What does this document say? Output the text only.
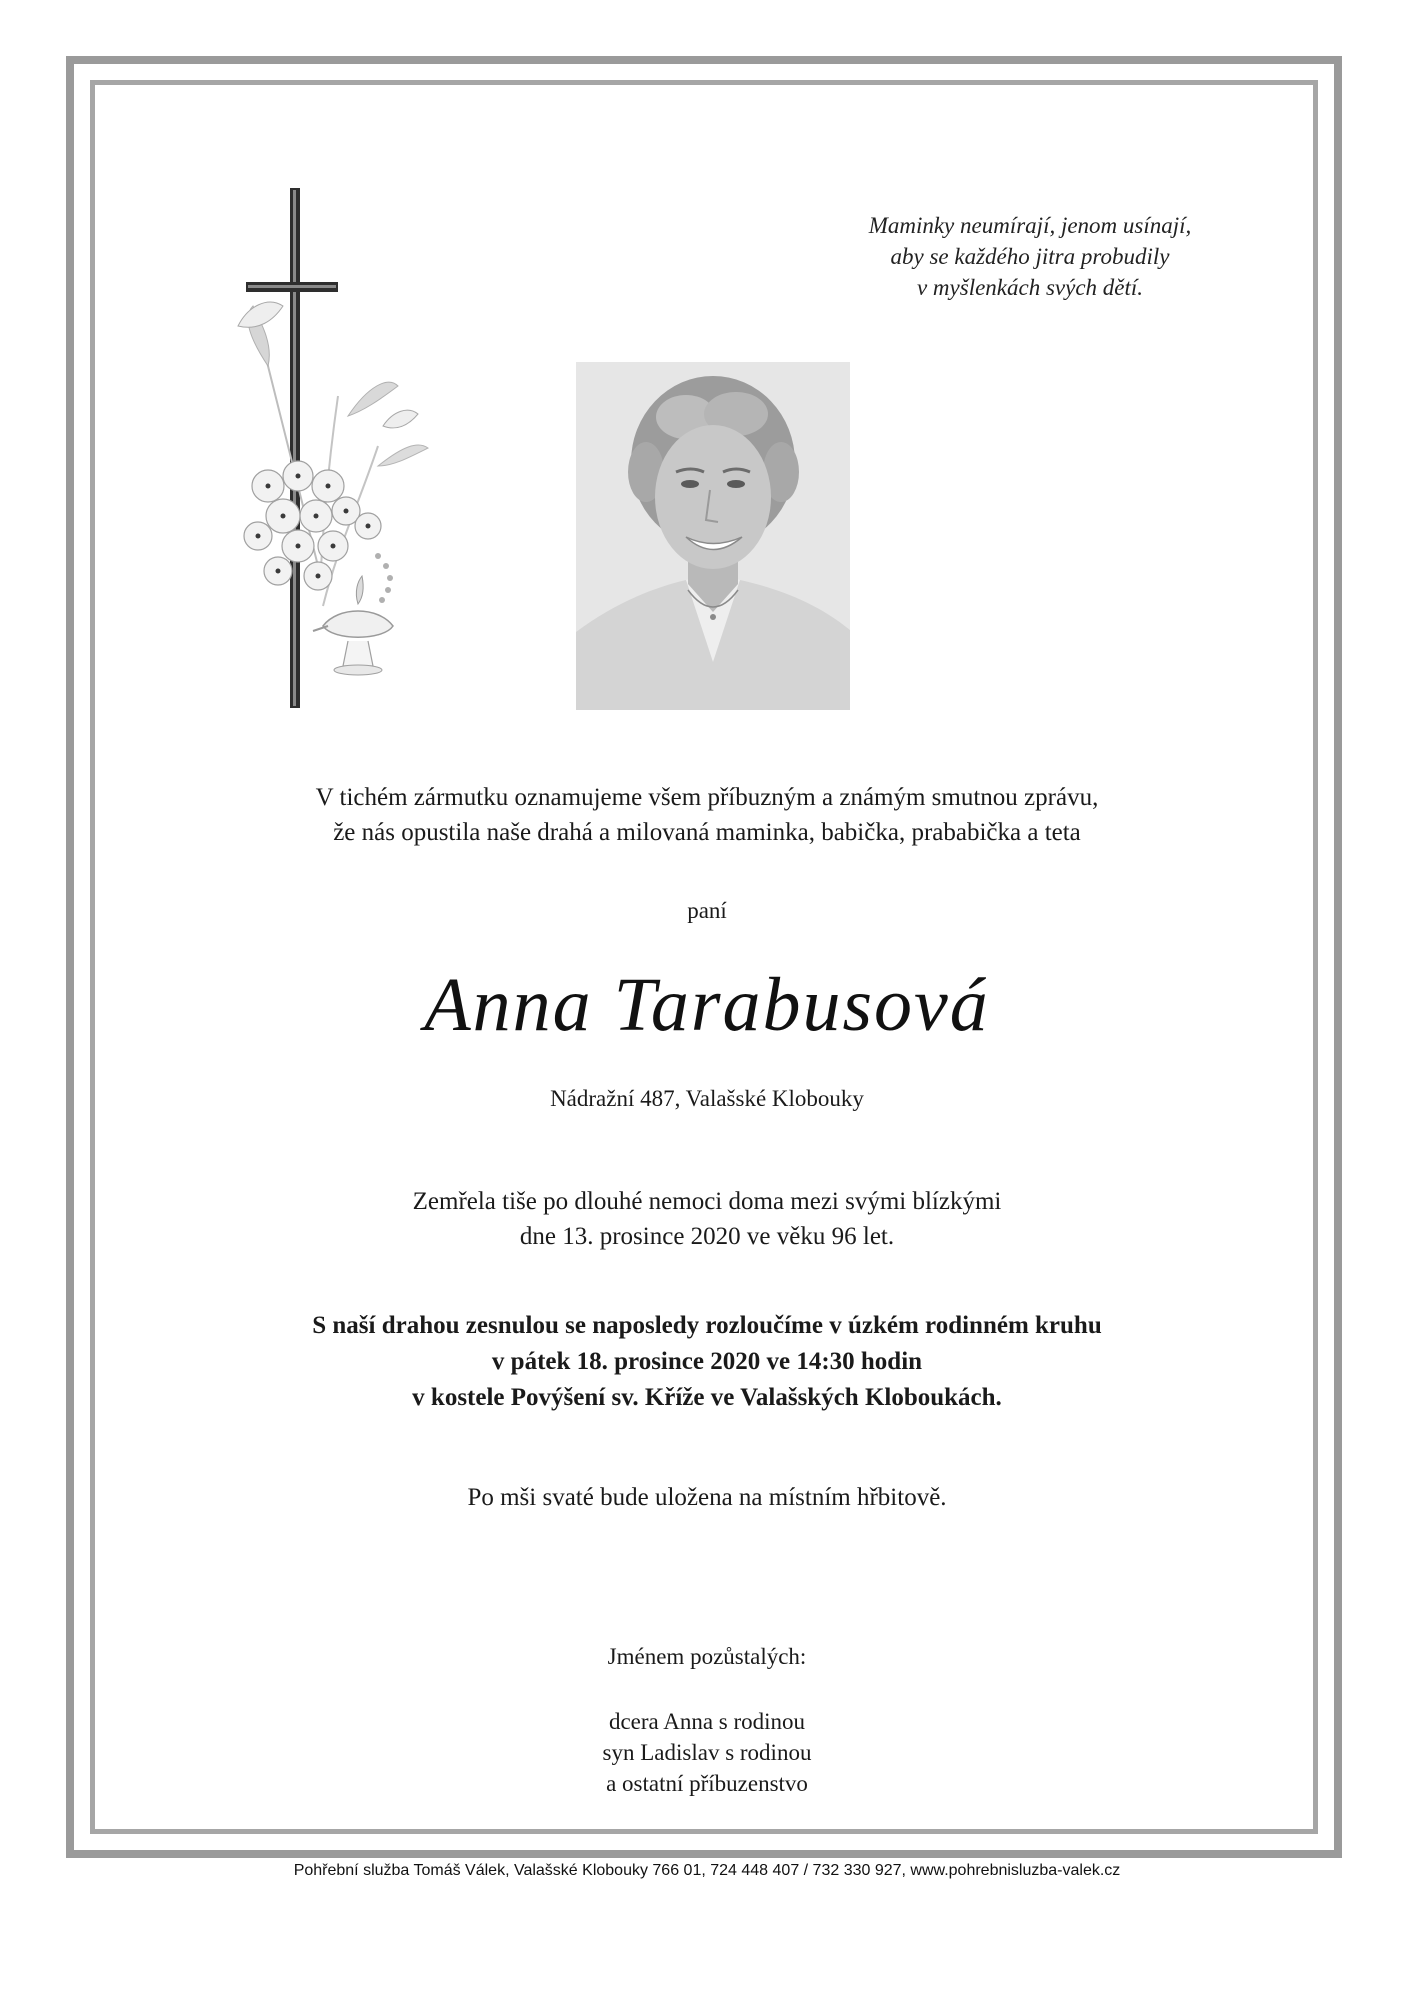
Maminky neumírají, jenom usínají,
aby se každého jitra probudily
v myšlenkách svých dětí.
V tichém zármutku oznamujeme všem příbuzným a známým smutnou zprávu,
že nás opustila naše drahá a milovaná maminka, babička, prababička a teta
paní
Anna Tarabusová
Nádražní 487, Valašské Klobouky
Zemřela tiše po dlouhé nemoci doma mezi svými blízkými
dne 13. prosince 2020 ve věku 96 let.
S naší drahou zesnulou se naposledy rozloučíme v úzkém rodinném kruhu
v pátek 18. prosince 2020 ve 14:30 hodin
v kostele Povýšení sv. Kříže ve Valašských Kloboukách.
Po mši svaté bude uložena na místním hřbitově.
Jménem pozůstalých:
dcera Anna s rodinou
syn Ladislav s rodinou
a ostatní příbuzenstvo
Pohřební služba Tomáš Válek, Valašské Klobouky 766 01, 724 448 407 / 732 330 927, www.pohrebnisluzba-valek.cz
